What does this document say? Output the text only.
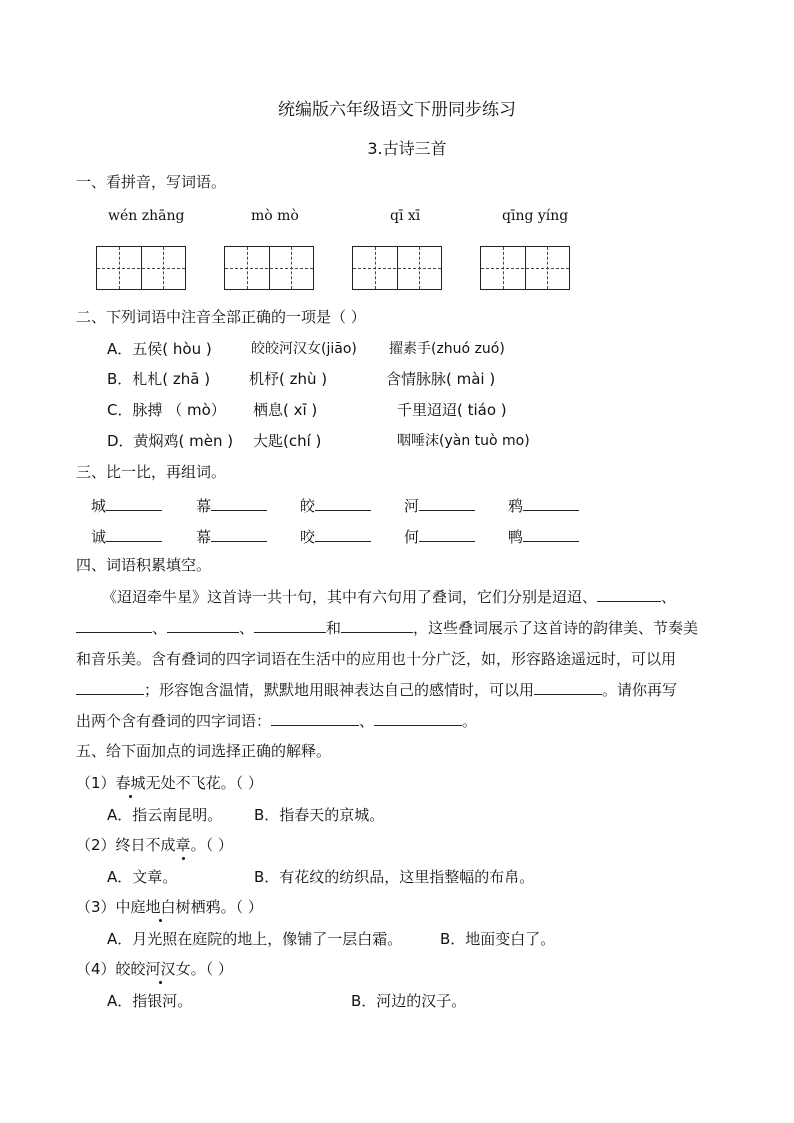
统编版六年级语文下册同步练习
3.古诗三首
一、看拼音，写词语。
wén zhāng	mò mò	qī xī	qīng yíng
二、下列词语中注音全部正确的一项是（ ）
A．五侯( hòu )	皎皎河汉女(jiāo) 擢素手(zhuó zuó)
B．札札( zhā )	机杼( zhù )	含情脉脉( mài )
C．脉搏 （ mò） 栖息( xī )	千里迢迢( tiáo )
D．黄焖鸡( mèn ) 大匙(chí )	咽唾沫(yàn tuò mo)
三、比一比，再组词。
城	幕	皎	河	鸦
诚	幕	咬	何	鸭
四、词语积累填空。
《迢迢牵牛星》这首诗一共十句，其中有六句用了叠词，它们分别是迢迢、	、
、	、	和	，这些叠词展示了这首诗的韵律美、节奏美
和音乐美。含有叠词的四字词语在生活中的应用也十分广泛，如，形容路途遥远时，可以用
；形容饱含温情，默默地用眼神表达自己的感情时，可以用	。请你再写
出两个含有叠词的四字词语：	、	。
五、给下面加点的词选择正确的解释。
（1）春城无处不飞花。（ ）
A．指云南昆明。 B．指春天的京城。
（2）终日不成章。（ ）
A．文章。	B．有花纹的纺织品，这里指整幅的布帛。
（3）中庭地白树栖鸦。（ ）
A．月光照在庭院的地上，像铺了一层白霜。	B．地面变白了。
（4）皎皎河汉女。（ ）
A．指银河。	B．河边的汉子。
